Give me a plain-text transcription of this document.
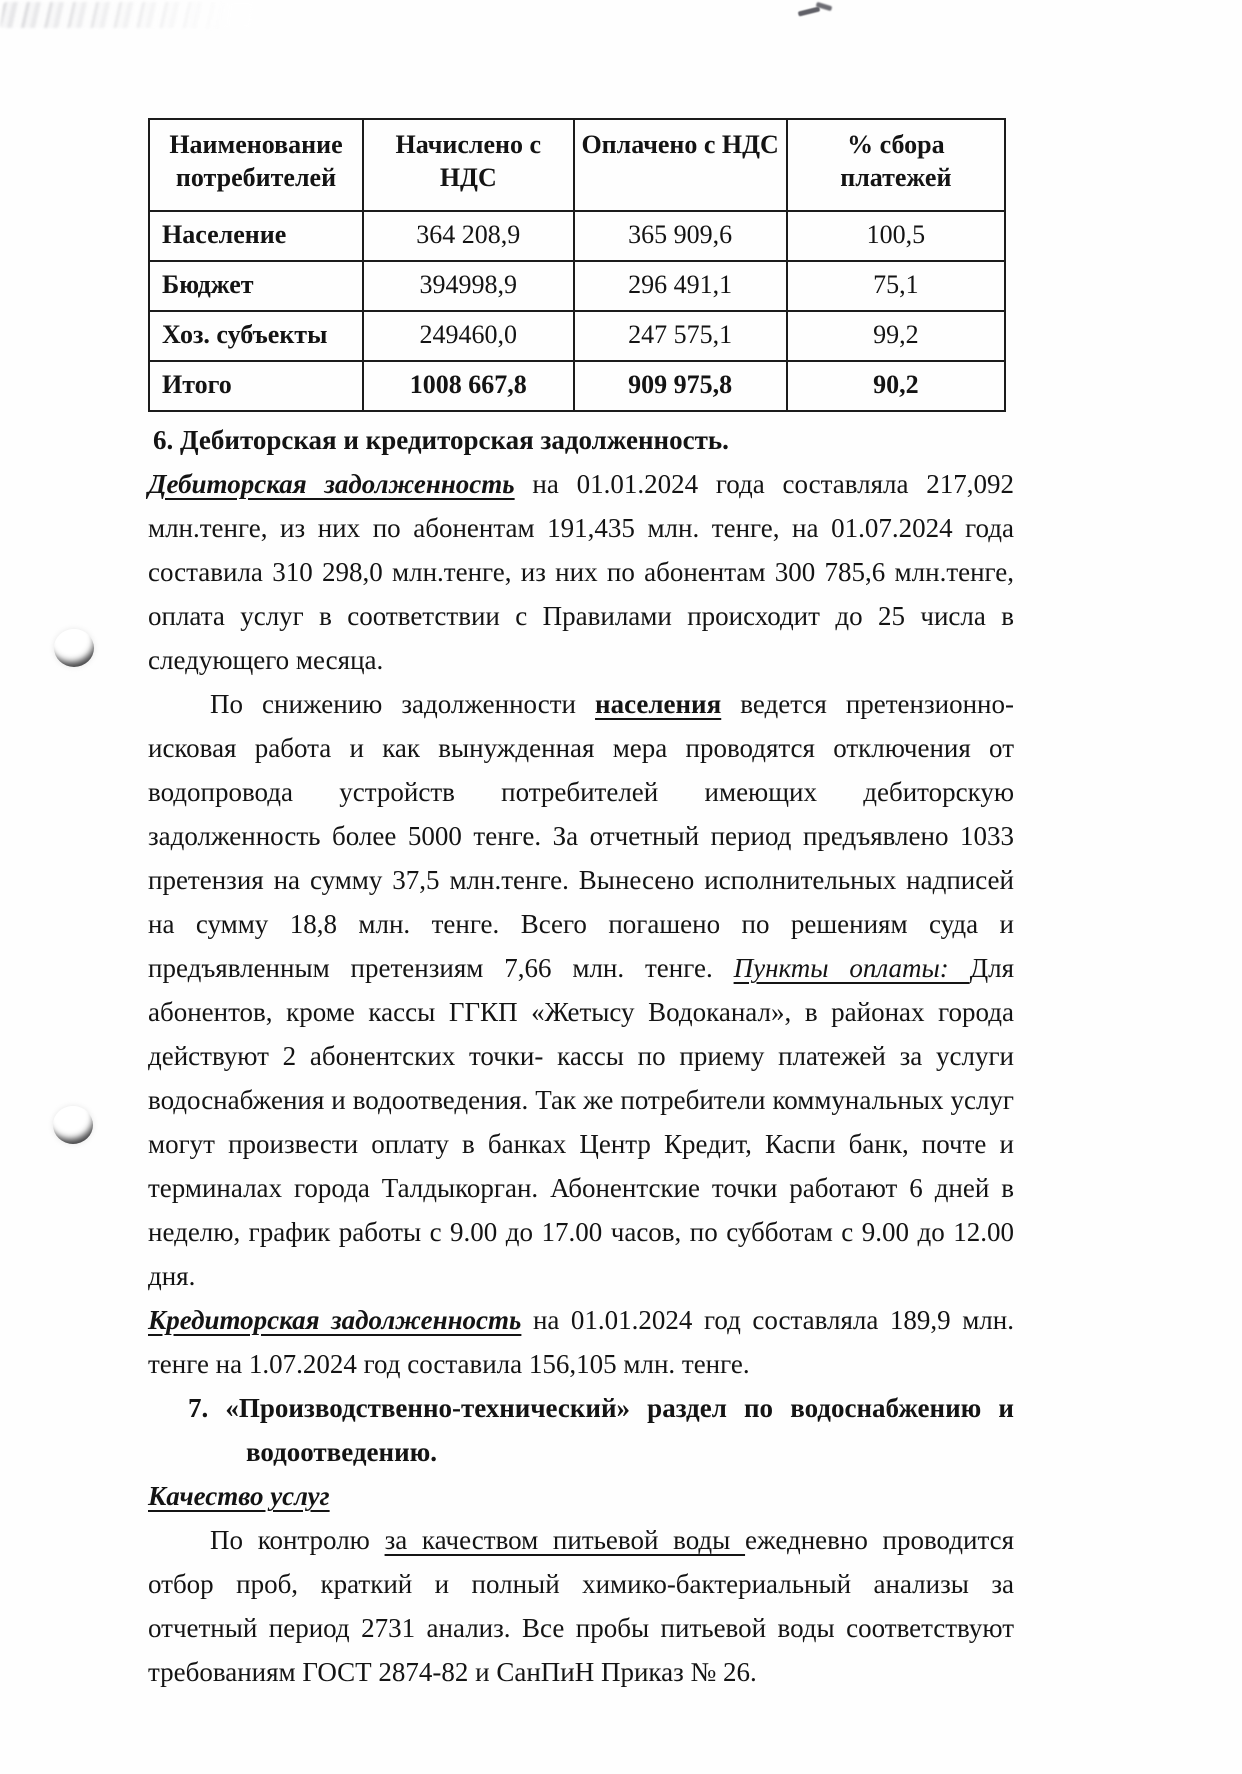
Наименование потребителей	Начислено с НДС	Оплачено с НДС	% сбора платежей
Население	364 208,9	365 909,6	100,5
Бюджет	394998,9	296 491,1	75,1
Хоз. субъекты	249460,0	247 575,1	99,2
Итого	1008 667,8	909 975,8	90,2
6. Дебиторская и кредиторская задолженность.

Дебиторская задолженность на 01.01.2024 года составляла 217,092 млн.тенге, из них по абонентам 191,435 млн. тенге, на 01.07.2024 года составила 310 298,0 млн.тенге, из них по абонентам 300 785,6 млн.тенге, оплата услуг в соответствии с Правилами происходит до 25 числа в следующего месяца.

По снижению задолженности населения ведется претензионно-исковая работа и как вынужденная мера проводятся отключения от водопровода устройств потребителей имеющих дебиторскую задолженность более 5000 тенге. За отчетный период предъявлено 1033 претензия на сумму 37,5 млн.тенге. Вынесено исполнительных надписей на сумму 18,8 млн. тенге. Всего погашено по решениям суда и предъявленным претензиям 7,66 млн. тенге. Пункты оплаты: Для абонентов, кроме кассы ГГКП «Жетысу Водоканал», в районах города действуют 2 абонентских точки- кассы по приему платежей за услуги водоснабжения и водоотведения. Так же потребители коммунальных услуг могут произвести оплату в банках Центр Кредит, Каспи банк, почте и терминалах города Талдыкорган. Абонентские точки работают 6 дней в неделю, график работы с 9.00 до 17.00 часов, по субботам с 9.00 до 12.00 дня.

Кредиторская задолженность на 01.01.2024 год составляла 189,9 млн. тенге на 1.07.2024 год составила 156,105 млн. тенге.

7. «Производственно-технический» раздел по водоснабжению и водоотведению.
Качество услуг

По контролю за качеством питьевой воды ежедневно проводится отбор проб, краткий и полный химико-бактериальный анализы за отчетный период 2731 анализ. Все пробы питьевой воды соответствуют требованиям ГОСТ 2874-82 и СанПиН Приказ № 26.
